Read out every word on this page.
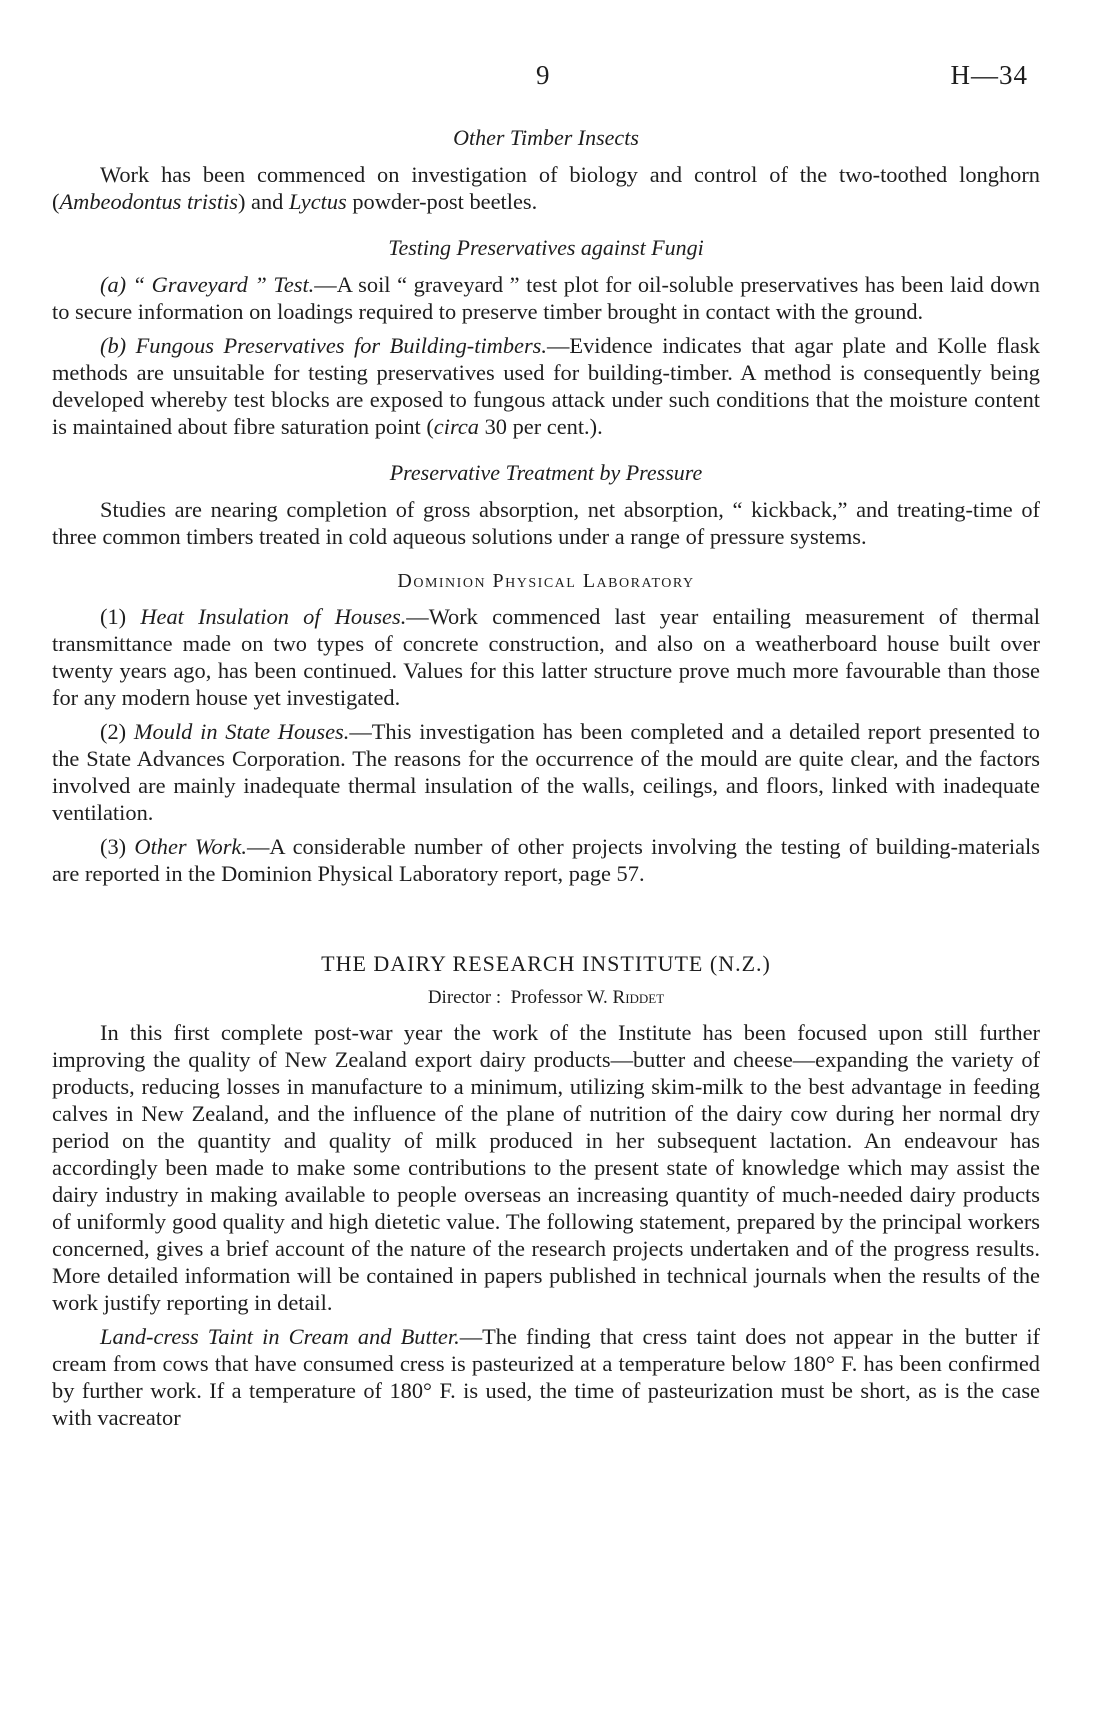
9	H—34
Other Timber Insects

Work has been commenced on investigation of biology and control of the two-toothed longhorn (Ambeodontus tristis) and Lyctus powder-post beetles.

Testing Preservatives against Fungi

(a) “ Graveyard ” Test.—A soil “ graveyard ” test plot for oil-soluble preservatives has been laid down to secure information on loadings required to preserve timber brought in contact with the ground.

(b) Fungous Preservatives for Building-timbers.—Evidence indicates that agar plate and Kolle flask methods are unsuitable for testing preservatives used for building-timber. A method is consequently being developed whereby test blocks are exposed to fungous attack under such conditions that the moisture content is maintained about fibre saturation point (circa 30 per cent.).

Preservative Treatment by Pressure

Studies are nearing completion of gross absorption, net absorption, “ kickback,” and treating-time of three common timbers treated in cold aqueous solutions under a range of pressure systems.

Dominion Physical Laboratory

(1) Heat Insulation of Houses.—Work commenced last year entailing measurement of thermal transmittance made on two types of concrete construction, and also on a weatherboard house built over twenty years ago, has been continued. Values for this latter structure prove much more favourable than those for any modern house yet investigated.

(2) Mould in State Houses.—This investigation has been completed and a detailed report presented to the State Advances Corporation. The reasons for the occurrence of the mould are quite clear, and the factors involved are mainly inadequate thermal insulation of the walls, ceilings, and floors, linked with inadequate ventilation.

(3) Other Work.—A considerable number of other projects involving the testing of building-materials are reported in the Dominion Physical Laboratory report, page 57.

THE DAIRY RESEARCH INSTITUTE (N.Z.)
Director : Professor W. Riddet

In this first complete post-war year the work of the Institute has been focused upon still further improving the quality of New Zealand export dairy products—butter and cheese—expanding the variety of products, reducing losses in manufacture to a minimum, utilizing skim-milk to the best advantage in feeding calves in New Zealand, and the influence of the plane of nutrition of the dairy cow during her normal dry period on the quantity and quality of milk produced in her subsequent lactation. An endeavour has accordingly been made to make some contributions to the present state of knowledge which may assist the dairy industry in making available to people overseas an increasing quantity of much-needed dairy products of uniformly good quality and high dietetic value. The following statement, prepared by the principal workers concerned, gives a brief account of the nature of the research projects undertaken and of the progress results. More detailed information will be contained in papers published in technical journals when the results of the work justify reporting in detail.

Land-cress Taint in Cream and Butter.—The finding that cress taint does not appear in the butter if cream from cows that have consumed cress is pasteurized at a temperature below 180° F. has been confirmed by further work. If a temperature of 180° F. is used, the time of pasteurization must be short, as is the case with vacreator
